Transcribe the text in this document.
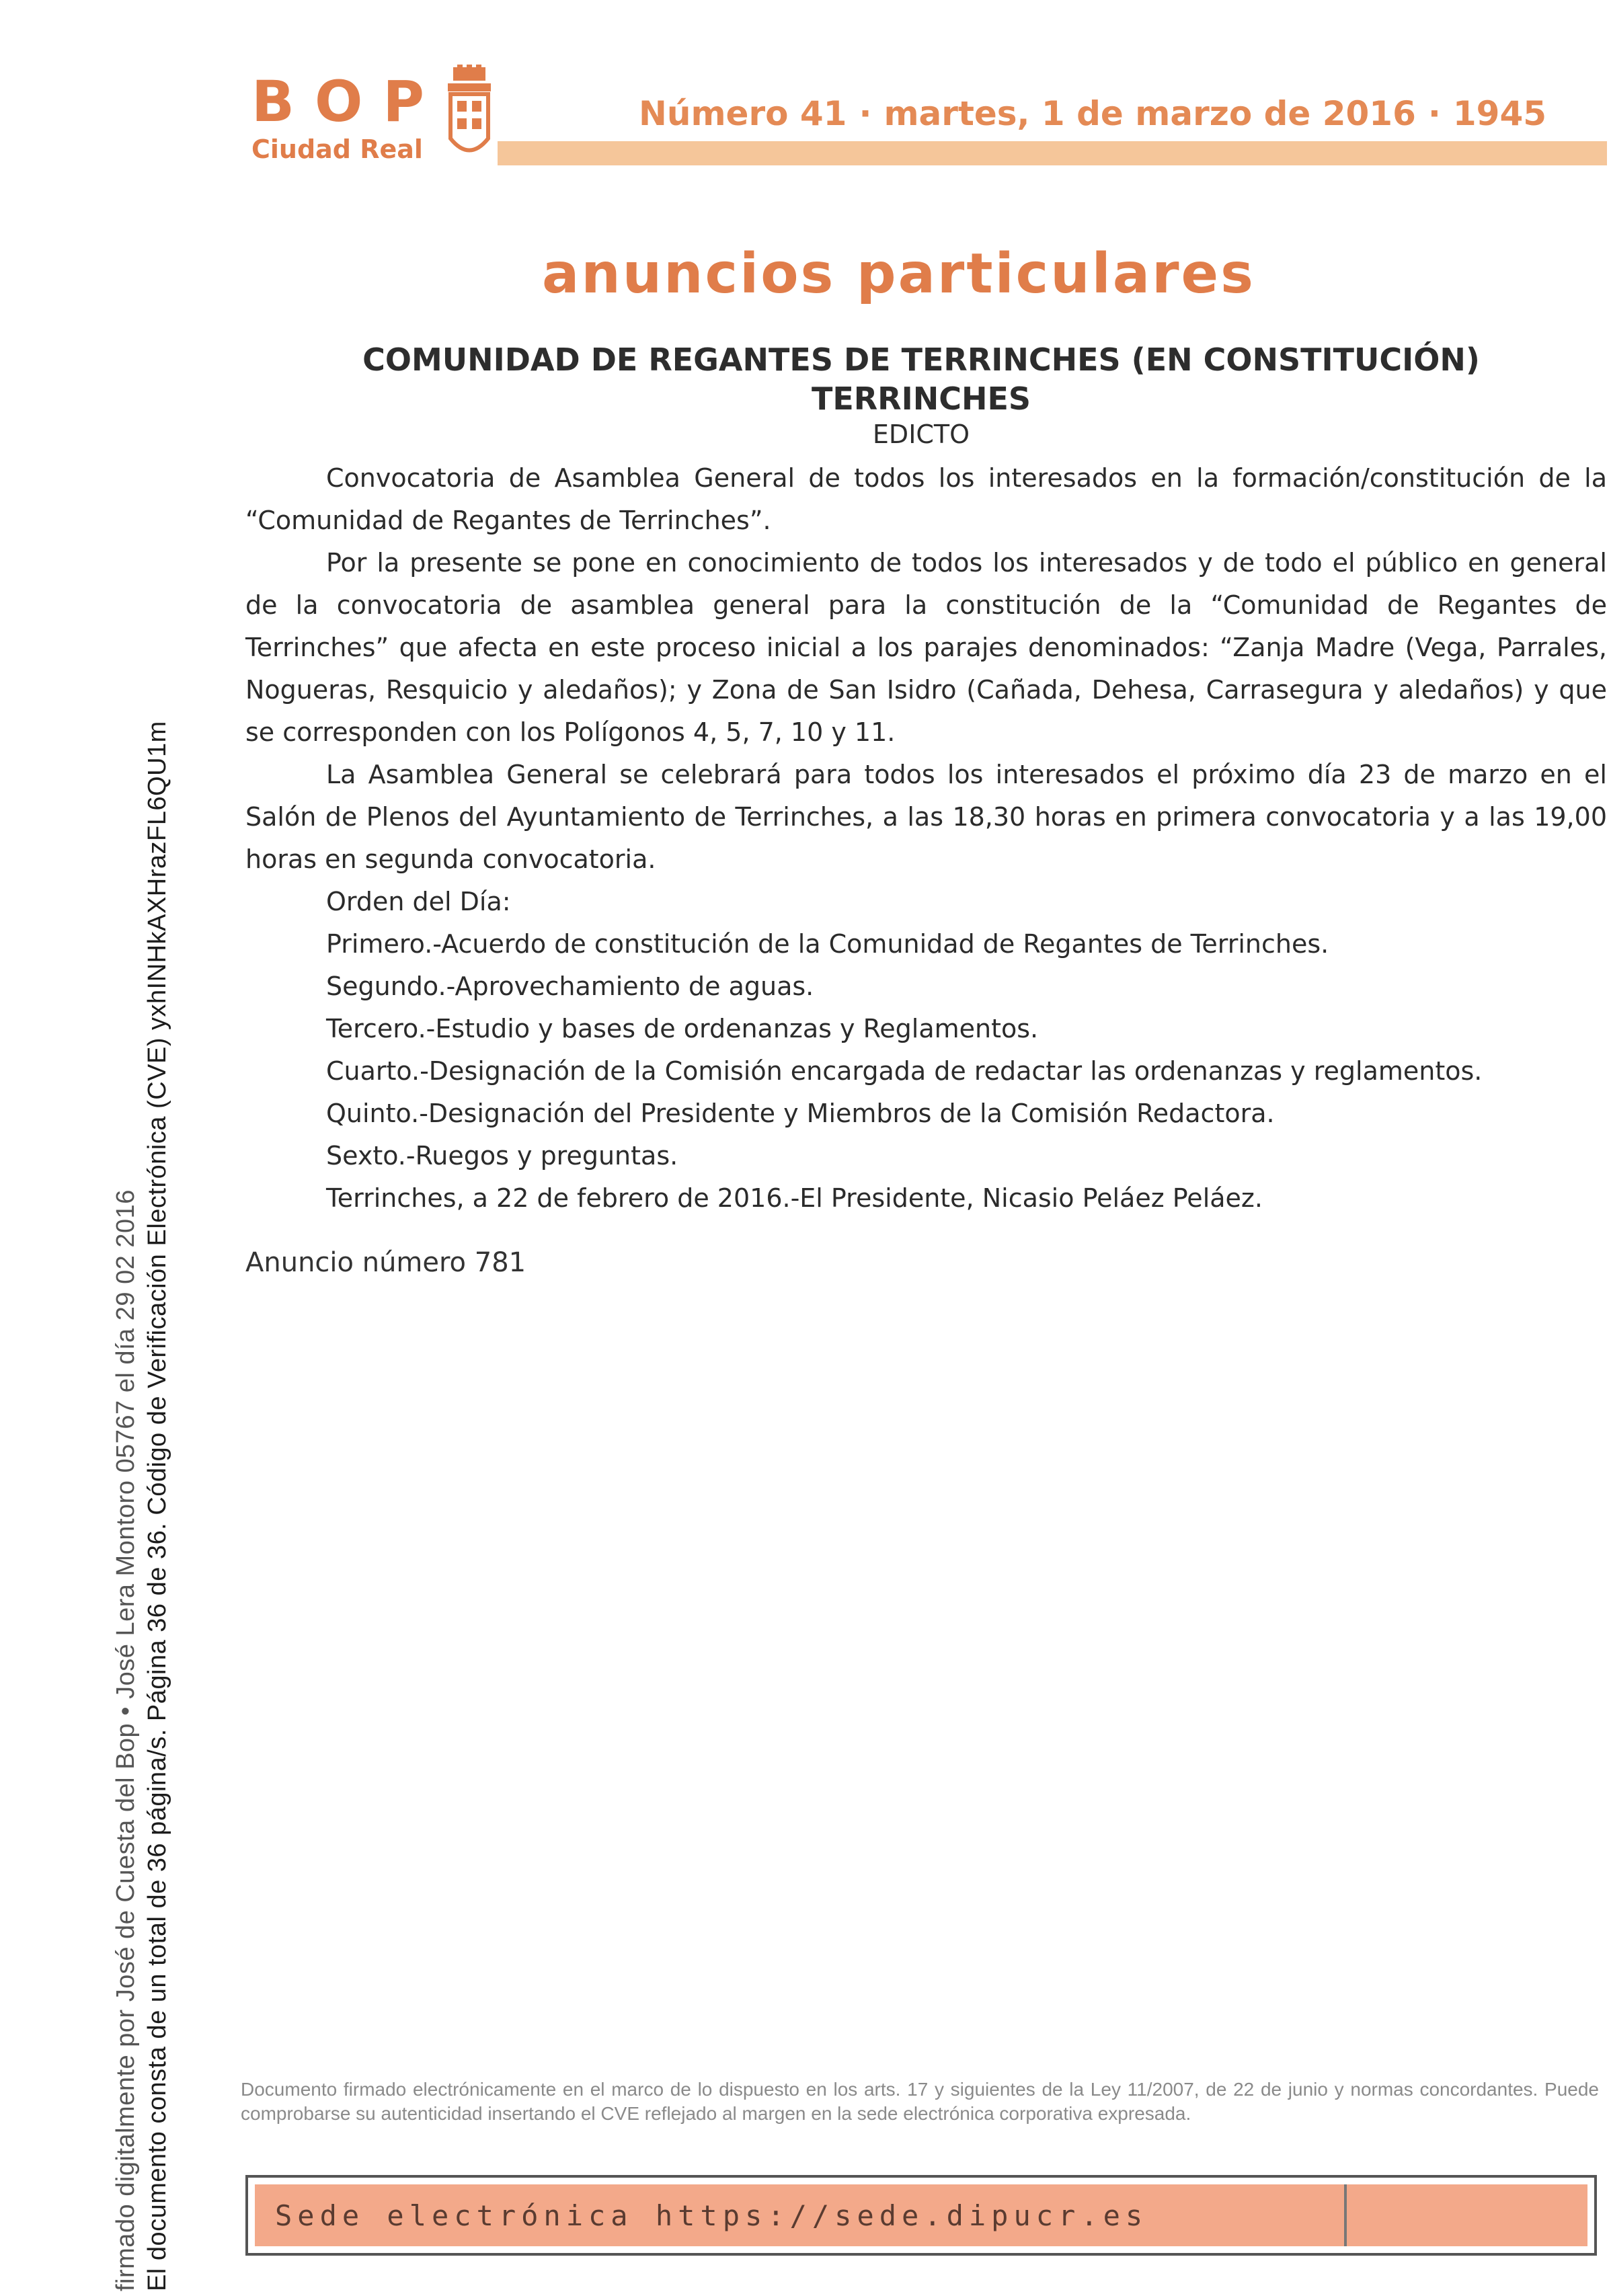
firmado digitalmente por José de Cuesta del Bop • José Lera Montoro 05767 el día 29 02 2016 El documento consta de un total de 36 página/s. Página 36 de 36. Código de Verificación Electrónica (CVE) yxhINHkAXHrazFL6QU1m
BOP
Ciudad Real
Número 41 · martes, 1 de marzo de 2016 · 1945
anuncios particulares
COMUNIDAD DE REGANTES DE TERRINCHES (EN CONSTITUCIÓN)
TERRINCHES
EDICTO

Convocatoria de Asamblea General de todos los interesados en la formación/constitución de la “Comunidad de Regantes de Terrinches”.

Por la presente se pone en conocimiento de todos los interesados y de todo el público en general de la convocatoria de asamblea general para la constitución de la “Comunidad de Regantes de Terrinches” que afecta en este proceso inicial a los parajes denominados: “Zanja Madre (Vega, Parrales, Nogueras, Resquicio y aledaños); y Zona de San Isidro (Cañada, Dehesa, Carrasegura y aledaños) y que se corresponden con los Polígonos 4, 5, 7, 10 y 11.

La Asamblea General se celebrará para todos los interesados el próximo día 23 de marzo en el Salón de Plenos del Ayuntamiento de Terrinches, a las 18,30 horas en primera convocatoria y a las 19,00 horas en segunda convocatoria.

Orden del Día:

Primero.-Acuerdo de constitución de la Comunidad de Regantes de Terrinches.

Segundo.-Aprovechamiento de aguas.

Tercero.-Estudio y bases de ordenanzas y Reglamentos.

Cuarto.-Designación de la Comisión encargada de redactar las ordenanzas y reglamentos.

Quinto.-Designación del Presidente y Miembros de la Comisión Redactora.

Sexto.-Ruegos y preguntas.

Terrinches, a 22 de febrero de 2016.-El Presidente, Nicasio Peláez Peláez.

Anuncio número 781
Documento firmado electrónicamente en el marco de lo dispuesto en los arts. 17 y siguientes de la Ley 11/2007, de 22 de junio y normas concordantes. Puede comprobarse su autenticidad insertando el CVE reflejado al margen en la sede electrónica corporativa expresada.
Sede electrónica https://sede.dipucr.es
